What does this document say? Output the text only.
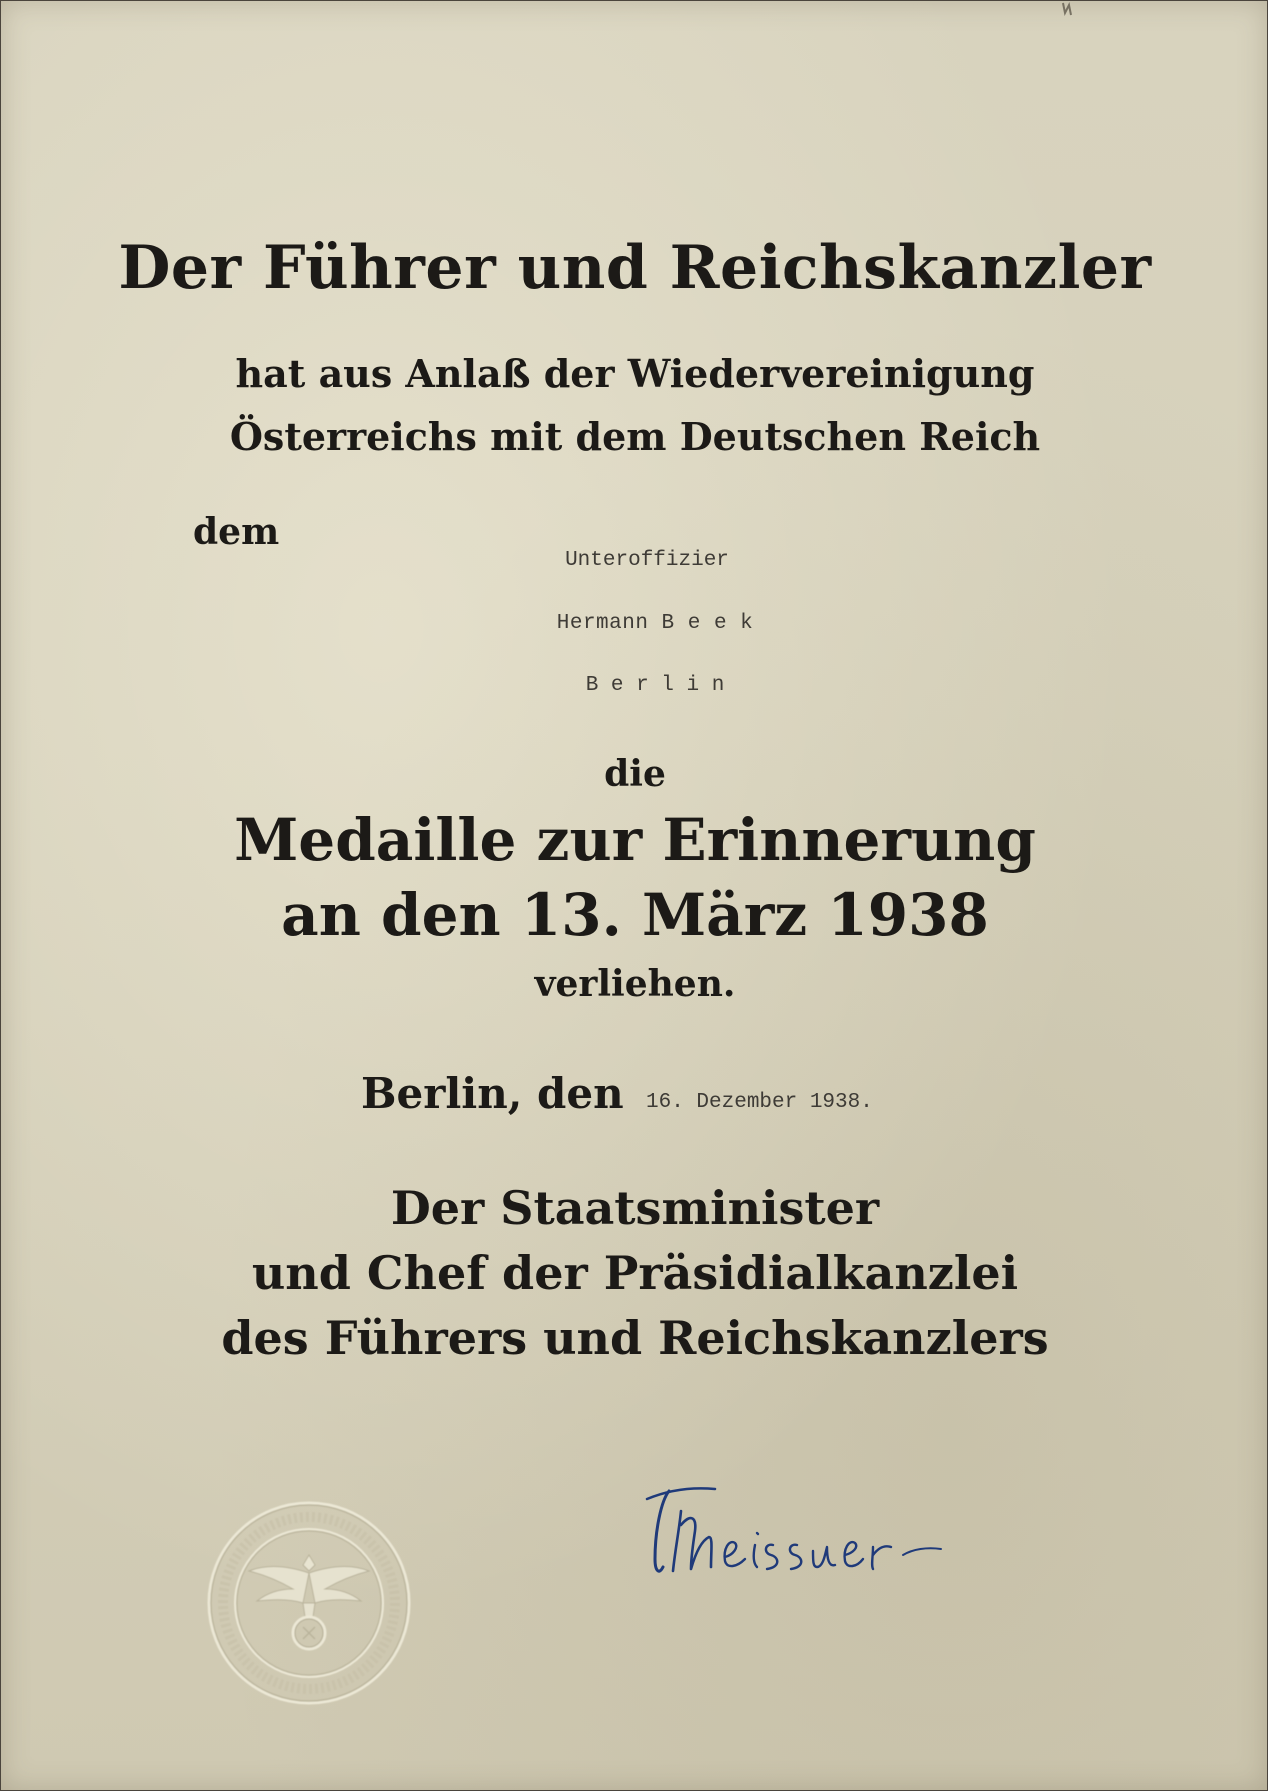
Der Führer und Reichskanzler
hat aus Anlaß der Wiedervereinigung
Österreichs mit dem Deutschen Reich
dem
Unteroffizier
Hermann B e e k
B e r l i n
die
Medaille zur Erinnerung
an den 13. März 1938
verliehen.
Berlin, den 16. Dezember 1938.
Der Staatsminister
und Chef der Präsidialkanzlei
des Führers und Reichskanzlers
